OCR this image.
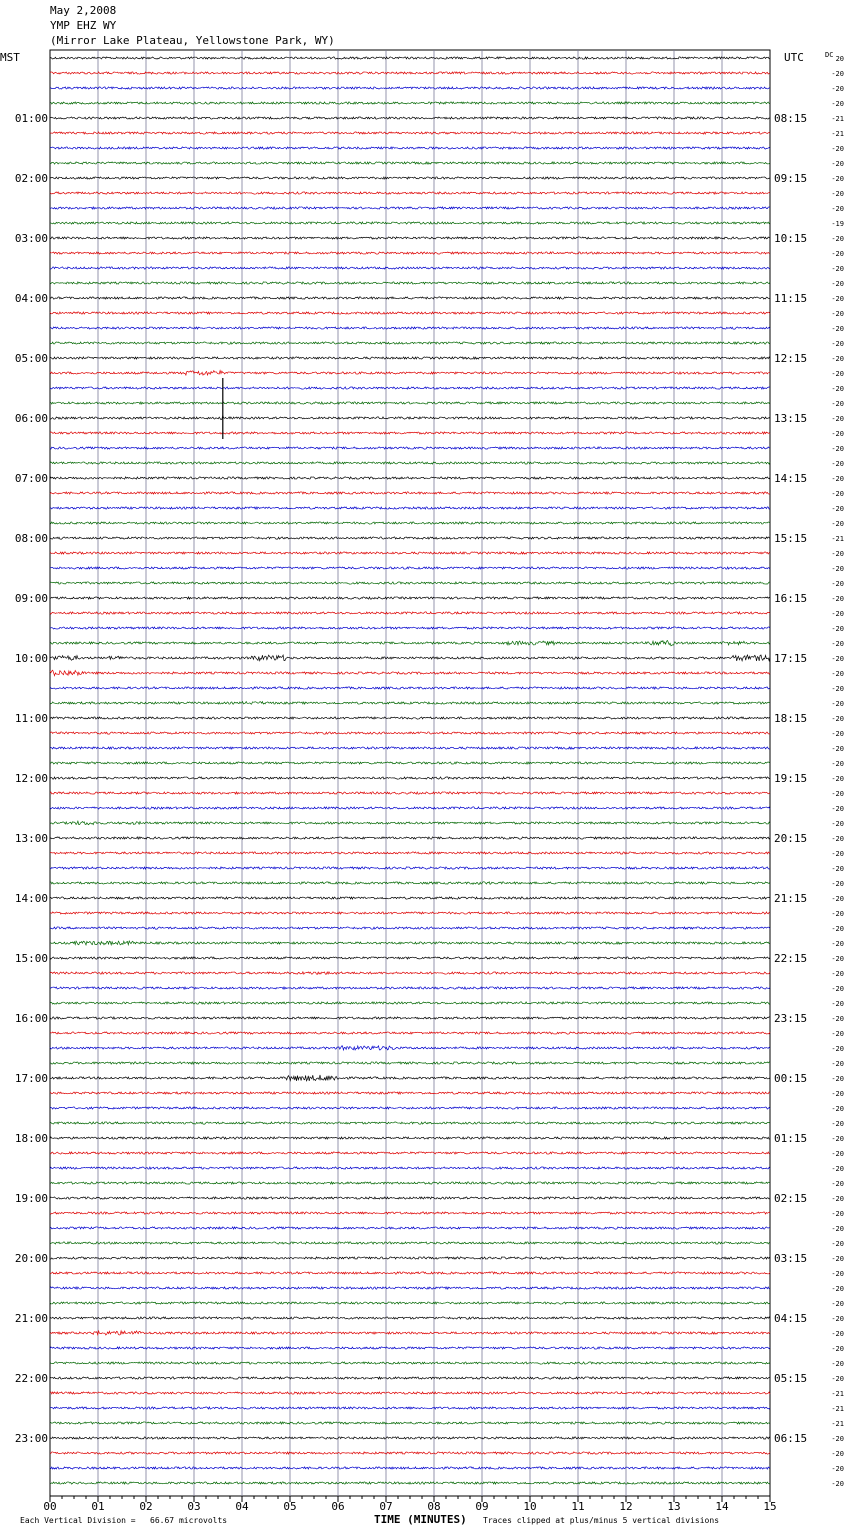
May 2,2008
YMP EHZ WY
(Mirror Lake Plateau, Yellowstone Park, WY)
00	01	02	03	04	05	06	07	08	09	10	11	12	13	14	15
MST	UTC	DC
01:00
02:00
03:00
04:00
05:00
06:00
07:00
08:00
09:00
10:00
11:00
12:00
13:00
14:00
15:00
16:00
17:00
18:00
19:00
20:00
21:00
22:00
23:00
08:15
09:15
10:15
11:15
12:15
13:15
14:15
15:15
16:15
17:15
18:15
19:15
20:15
21:15
22:15
23:15
00:15
01:15
02:15
03:15
04:15
05:15
06:15
20
-20
-20
-20
-21
-21
-20
-20
-20
-20
-20
-19
-20
-20
-20
-20
-20
-20
-20
-20
-20
-20
-20
-20
-20
-20
-20
-20
-20
-20
-20
-20
-21
-20
-20
-20
-20
-20
-20
-20
-20
-20
-20
-20
-20
-20
-20
-20
-20
-20
-20
-20
-20
-20
-20
-20
-20
-20
-20
-20
-20
-20
-20
-20
-20
-20
-20
-20
-20
-20
-20
-20
-20
-20
-20
-20
-20
-20
-20
-20
-20
-20
-20
-20
-20
-20
-20
-20
-20
-21
-21
-21
-20
-20
-20
-20
Each Vertical Division =   66.67 microvolts	TIME (MINUTES) Traces clipped at plus/minus 5 vertical divisions
